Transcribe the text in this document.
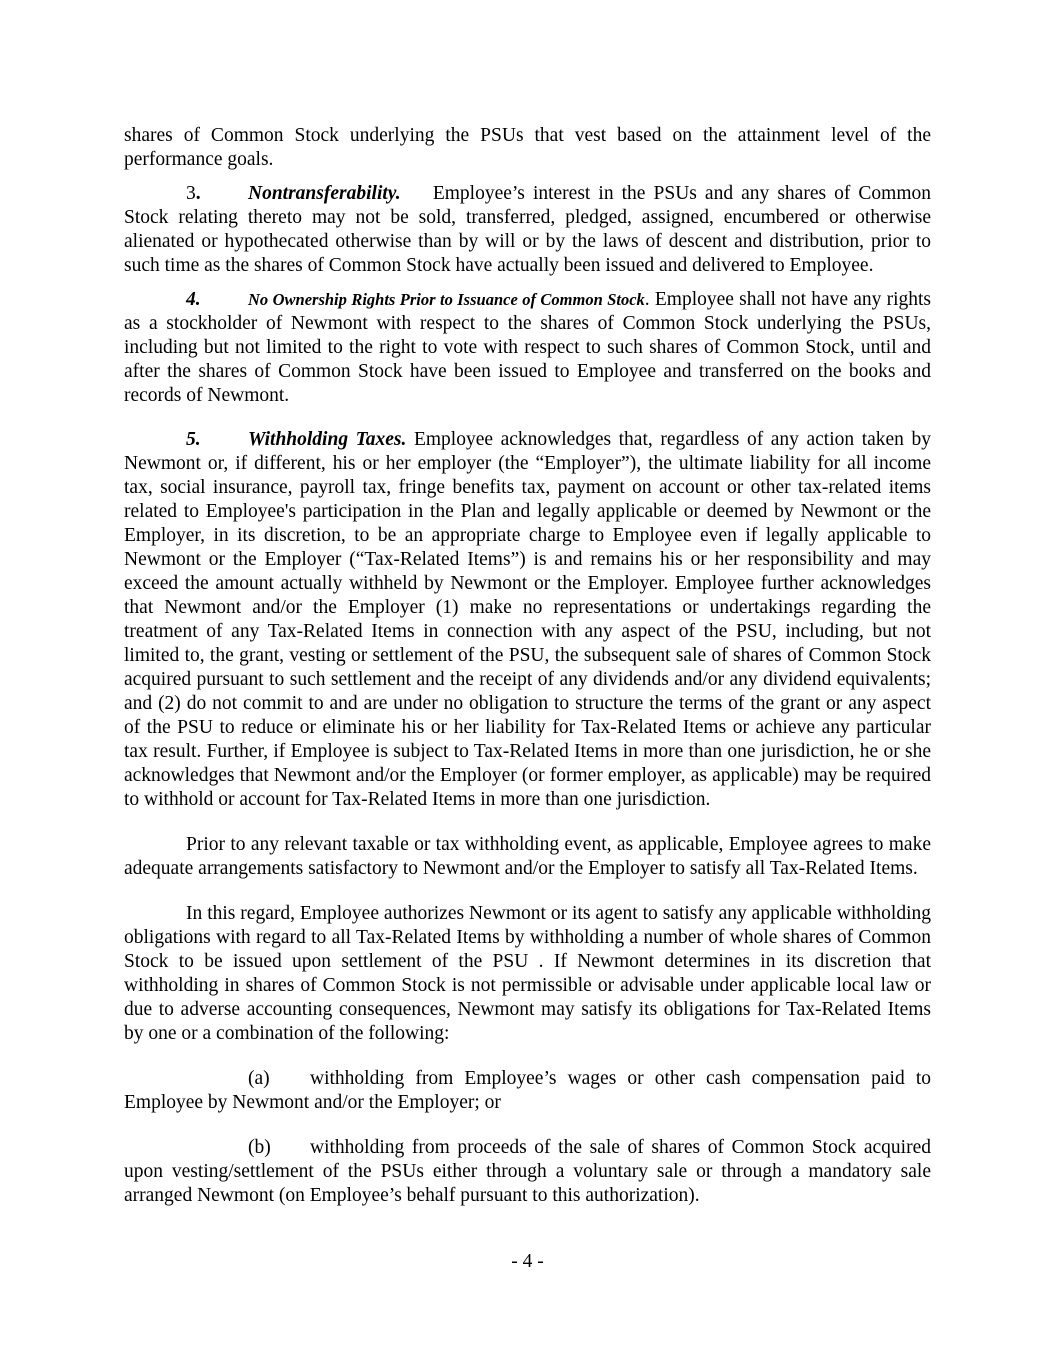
shares of Common Stock underlying the PSUs that vest based on the attainment level of the performance goals.

3. Nontransferability. Employee’s interest in the PSUs and any shares of Common Stock relating thereto may not be sold, transferred, pledged, assigned, encumbered or otherwise alienated or hypothecated otherwise than by will or by the laws of descent and distribution, prior to such time as the shares of Common Stock have actually been issued and delivered to Employee.

4.	No Ownership Rights Prior to Issuance of Common Stock. Employee shall not have any rights as a stockholder of Newmont with respect to the shares of Common Stock underlying the PSUs, including but not limited to the right to vote with respect to such shares of Common Stock, until and after the shares of Common Stock have been issued to Employee and transferred on the books and records of Newmont.

5. Withholding Taxes. Employee acknowledges that, regardless of any action taken by Newmont or, if different, his or her employer (the “Employer”), the ultimate liability for all income tax, social insurance, payroll tax, fringe benefits tax, payment on account or other tax-related items related to Employee's participation in the Plan and legally applicable or deemed by Newmont or the Employer, in its discretion, to be an appropriate charge to Employee even if legally applicable to Newmont or the Employer (“Tax-Related Items”) is and remains his or her responsibility and may exceed the amount actually withheld by Newmont or the Employer. Employee further acknowledges that Newmont and/or the Employer (1) make no representations or undertakings regarding the treatment of any Tax-Related Items in connection with any aspect of the PSU, including, but not limited to, the grant, vesting or settlement of the PSU, the subsequent sale of shares of Common Stock acquired pursuant to such settlement and the receipt of any dividends and/or any dividend equivalents; and (2) do not commit to and are under no obligation to structure the terms of the grant or any aspect of the PSU to reduce or eliminate his or her liability for Tax-Related Items or achieve any particular tax result. Further, if Employee is subject to Tax-Related Items in more than one jurisdiction, he or she acknowledges that Newmont and/or the Employer (or former employer, as applicable) may be required to withhold or account for Tax-Related Items in more than one jurisdiction.

Prior to any relevant taxable or tax withholding event, as applicable, Employee agrees to make adequate arrangements satisfactory to Newmont and/or the Employer to satisfy all Tax-Related Items.

In this regard, Employee authorizes Newmont or its agent to satisfy any applicable withholding obligations with regard to all Tax-Related Items by withholding a number of whole shares of Common Stock to be issued upon settlement of the PSU . If Newmont determines in its discretion that withholding in shares of Common Stock is not permissible or advisable under applicable local law or due to adverse accounting consequences, Newmont may satisfy its obligations for Tax-Related Items by one or a combination of the following:

(a) withholding from Employee’s wages or other cash compensation paid to Employee by Newmont and/or the Employer; or

(b) withholding from proceeds of the sale of shares of Common Stock acquired upon vesting/settlement of the PSUs either through a voluntary sale or through a mandatory sale arranged Newmont (on Employee’s behalf pursuant to this authorization).

- 4 -
